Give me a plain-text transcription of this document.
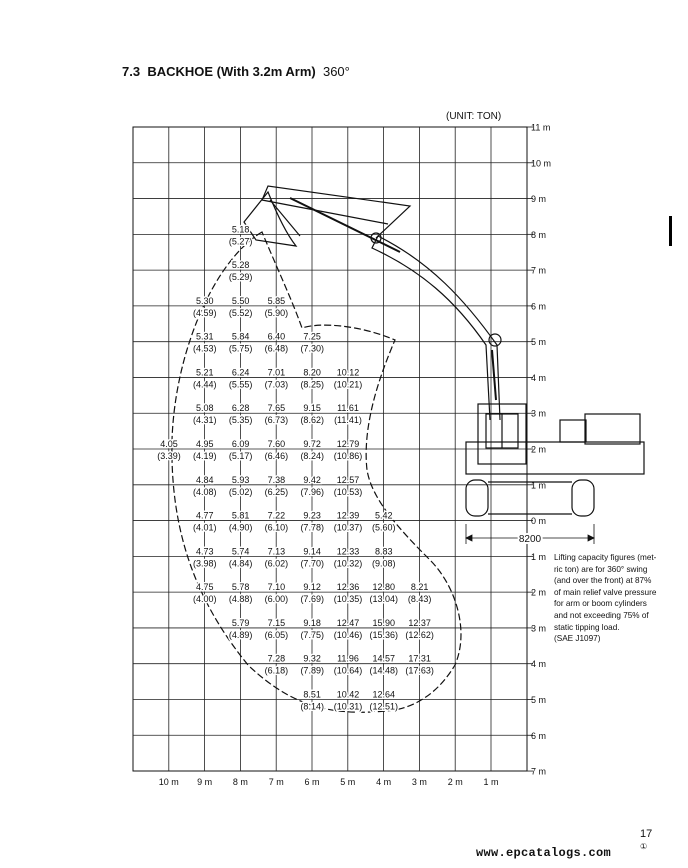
7.3 BACKHOE (With 3.2m Arm) 360°
(UNIT: TON)
8200
5.18
(5.27)
5.28
(5.29)
5.30
(4.59)
5.50
(5.52)
5.85
(5.90)
5.31
(4.53)
5.84
(5.75)
6.40
(6.48)
7.25
(7.30)
5.21
(4.44)
6.24
(5.55)
7.01
(7.03)
8.20
(8.25)
10.12
(10.21)
5.08
(4.31)
6.28
(5.35)
7.65
(6.73)
9.15
(8.62)
11.61
(11.41)
4.05
(3.39)
4.95
(4.19)
6.09
(5.17)
7.60
(6.46)
9.72
(8.24)
12.79
(10.86)
4.84
(4.08)
5.93
(5.02)
7.38
(6.25)
9.42
(7.96)
12.57
(10.53)
4.77
(4.01)
5.81
(4.90)
7.22
(6.10)
9.23
(7.78)
12.39
(10.37)
5.42
(5.60)
4.73
(3.98)
5.74
(4.84)
7.13
(6.02)
9.14
(7.70)
12.33
(10.32)
8.83
(9.08)
4.75
(4.00)
5.78
(4.88)
7.10
(6.00)
9.12
(7.69)
12.36
(10.35)
12.80
(13.04)
8.21
(8.43)
5.79
(4.89)
7.15
(6.05)
9.18
(7.75)
12.47
(10.46)
15.90
(15.36)
12.37
(12.62)
7.28
(6.18)
9.32
(7.89)
11.96
(10.64)
14.57
(14.48)
17.31
(17.63)
8.51
(8.14)
10.42
(10.31)
12.64
(12.51)
11 m
10 m
9 m
8 m
7 m
6 m
5 m
4 m
3 m
2 m
1 m
0 m
1 m
2 m
3 m
4 m
5 m
6 m
7 m
10 m 9 m 8 m 7 m 6 m 5 m 4 m 3 m 2 m 1 m
Lifting capacity figures (met-
ric ton) are for 360° swing
(and over the front) at 87%
of main relief valve pressure
for arm or boom cylinders
and not exceeding 75% of
static tipping load.
(SAE J1097)
17
①
www.epcatalogs.com
